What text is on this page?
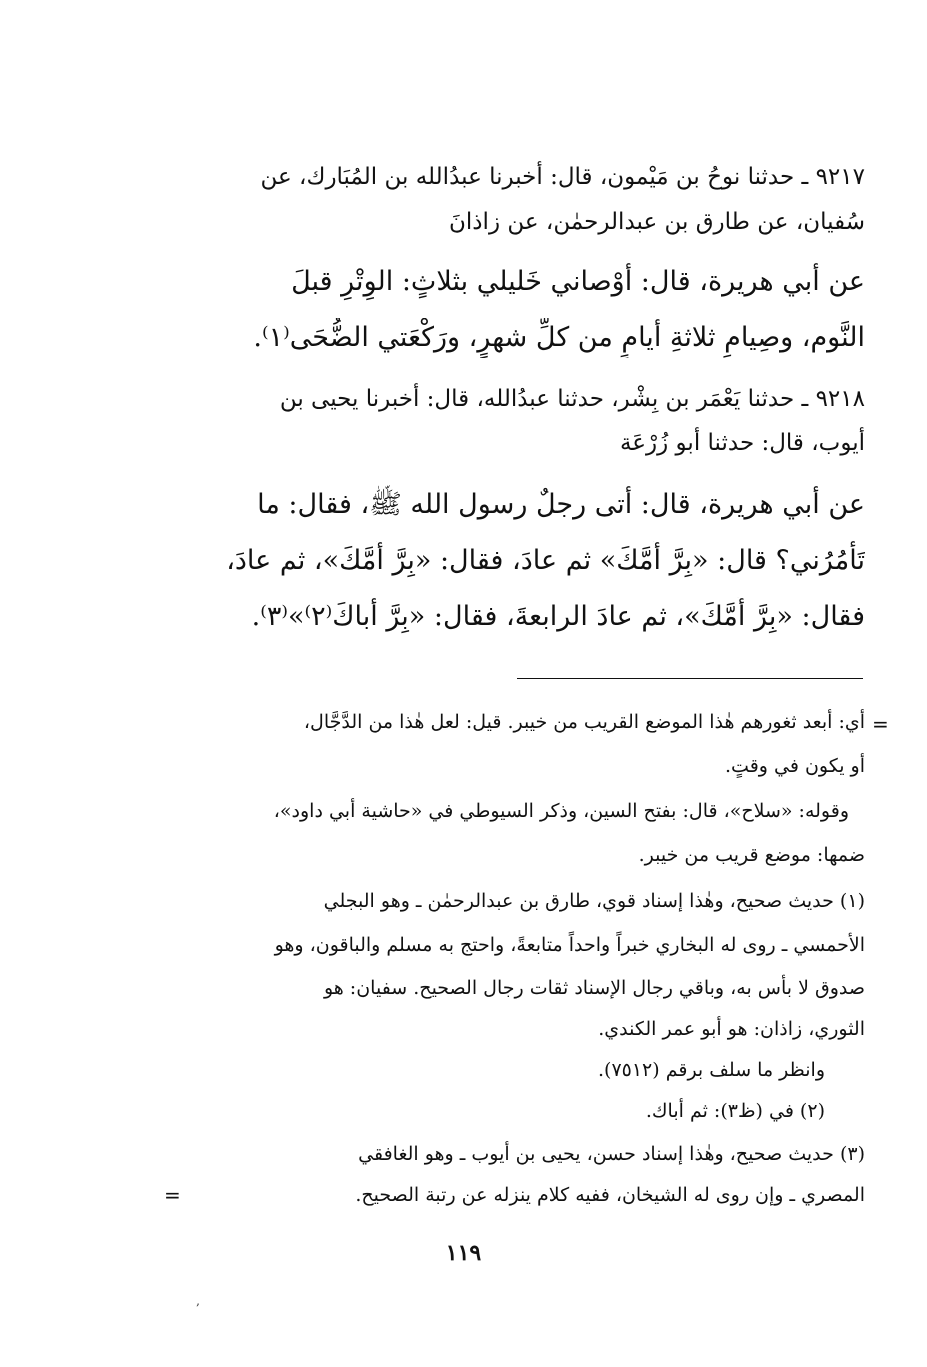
٩٢١٧ ـ حدثنا نوحُ بن مَيْمون، قال: أخبرنا عبدُالله بن المُبَارك، عن
سُفيان، عن طارق بن عبدالرحمٰن، عن زاذانَ
عن أبي هريرة، قال: أَوْصاني خَليلي بثلاثٍ: الوِتْرِ قبلَ
النَّوم، وصِيامِ ثلاثةِ أيامٍ من كلِّ شهرٍ، ورَكْعَتي الضُّحَى⁽١⁾.
٩٢١٨ ـ حدثنا يَعْمَر بن بِشْر، حدثنا عبدُالله، قال: أخبرنا يحيى بن
أيوب، قال: حدثنا أبو زُرْعَة
عن أبي هريرة، قال: أَتى رجلٌ رسول الله ﷺ، فقال: ما
تَأْمُرُني؟ قال: «بِرَّ أُمَّكَ» ثم عادَ، فقال: «بِرَّ أُمَّكَ»، ثم عادَ،
فقال: «بِرَّ أُمَّكَ»، ثم عادَ الرابعةَ، فقال: «بِرَّ أَباكَ⁽٢⁾»⁽٣⁾.
=
أي: أبعد ثغورهم هٰذا الموضع القريب من خيبر. قيل: لعل هٰذا من الدَّجَّال،
أو يكون في وقتٍ.
وقوله: «سلاح»، قال: بفتح السين، وذكر السيوطي في «حاشية أبي داود»،
ضمها: موضع قريب من خيبر.
(١) حديث صحيح، وهٰذا إسناد قوي، طارق بن عبدالرحمٰن ـ وهو البجلي
الأحمسي ـ روى له البخاري خبراً واحداً متابعةً، واحتج به مسلم والباقون، وهو
صدوق لا بأس به، وباقي رجال الإسناد ثقات رجال الصحيح. سفيان: هو
الثوري، زاذان: هو أبو عمر الكندي.
وانظر ما سلف برقم (٧٥١٢).
(٢) في (ظ٣): ثم أباك.
(٣) حديث صحيح، وهٰذا إسناد حسن، يحيى بن أيوب ـ وهو الغافقي
المصري ـ وإن روى له الشيخان، ففيه كلام ينزله عن رتبة الصحيح.
=
١١٩
‚
